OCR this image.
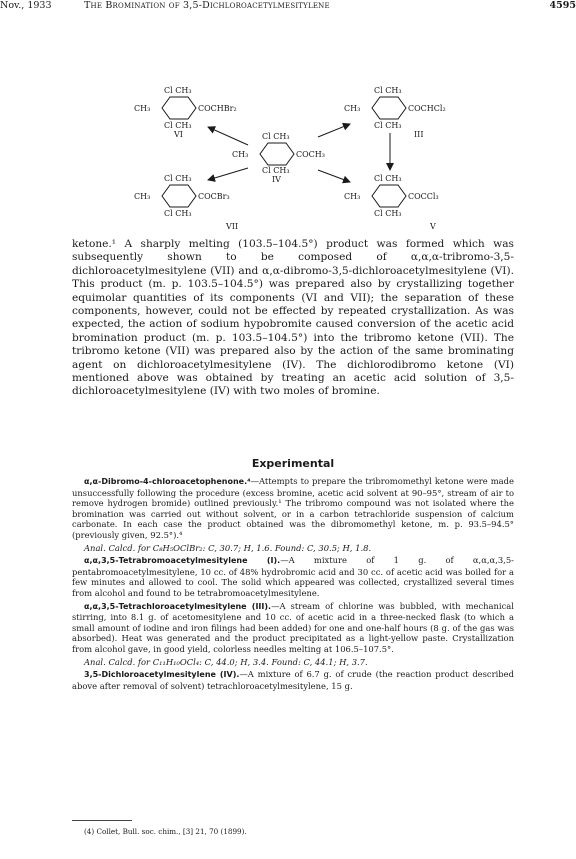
Nov., 1933	The Bromination of 3,5-Dichloroacetylmesitylene	4595
Cl CH₃
CH₃	COCHBr₂
Cl CH₃
VI
Cl CH₃
CH₃	COCHCl₂
Cl CH₃
III
Cl CH₃
CH₃	COCH₃
Cl CH₃
IV
Cl CH₃
CH₃	COCBr₃
Cl CH₃
VII
Cl CH₃
CH₃	COCCl₃
Cl CH₃
V

ketone.¹ A sharply melting (103.5–104.5°) product was formed which was subsequently shown to be composed of α,α,α-tribromo-3,5-dichloroacetylmesitylene (VII) and α,α-dibromo-3,5-dichloroacetylmesitylene (VI). This product (m. p. 103.5–104.5°) was prepared also by crystallizing together equimolar quantities of its components (VI and VII); the separation of these components, however, could not be effected by repeated crystallization. As was expected, the action of sodium hypobromite caused conversion of the acetic acid bromination product (m. p. 103.5–104.5°) into the tribromo ketone (VII). The tribromo ketone (VII) was prepared also by the action of the same brominating agent on dichloroacetylmesitylene (IV). The dichlorodibromo ketone (VI) mentioned above was obtained by treating an acetic acid solution of 3,5-dichloroacetylmesitylene (IV) with two moles of bromine.

Experimental

α,α-Dibromo-4-chloroacetophenone.⁴—Attempts to prepare the tribromomethyl ketone were made unsuccessfully following the procedure (excess bromine, acetic acid solvent at 90–95°, stream of air to remove hydrogen bromide) outlined previously.¹ The tribromo compound was not isolated where the bromination was carried out without solvent, or in a carbon tetrachloride suspension of calcium carbonate. In each case the product obtained was the dibromomethyl ketone, m. p. 93.5–94.5° (previously given, 92.5°).⁴

Anal. Calcd. for C₈H₅OClBr₂: C, 30.7; H, 1.6. Found: C, 30.5; H, 1.8.

α,α,3,5-Tetrabromoacetylmesitylene (I).—A mixture of 1 g. of α,α,α,3,5-pentabromoacetylmesitylene, 10 cc. of 48% hydrobromic acid and 30 cc. of acetic acid was boiled for a few minutes and allowed to cool. The solid which appeared was collected, crystallized several times from alcohol and found to be tetrabromoacetylmesitylene.

α,α,3,5-Tetrachloroacetylmesitylene (III).—A stream of chlorine was bubbled, with mechanical stirring, into 8.1 g. of acetomesitylene and 10 cc. of acetic acid in a three-necked flask (to which a small amount of iodine and iron filings had been added) for one and one-half hours (8 g. of the gas was absorbed). Heat was generated and the product precipitated as a light-yellow paste. Crystallization from alcohol gave, in good yield, colorless needles melting at 106.5–107.5°.

Anal. Calcd. for C₁₁H₁₀OCl₄: C, 44.0; H, 3.4. Found: C, 44.1; H, 3.7.

3,5-Dichloroacetylmesitylene (IV).—A mixture of 6.7 g. of crude (the reaction product described above after removal of solvent) tetrachloroacetylmesitylene, 15 g.

(4) Collet, Bull. soc. chim., [3] 21, 70 (1899).
